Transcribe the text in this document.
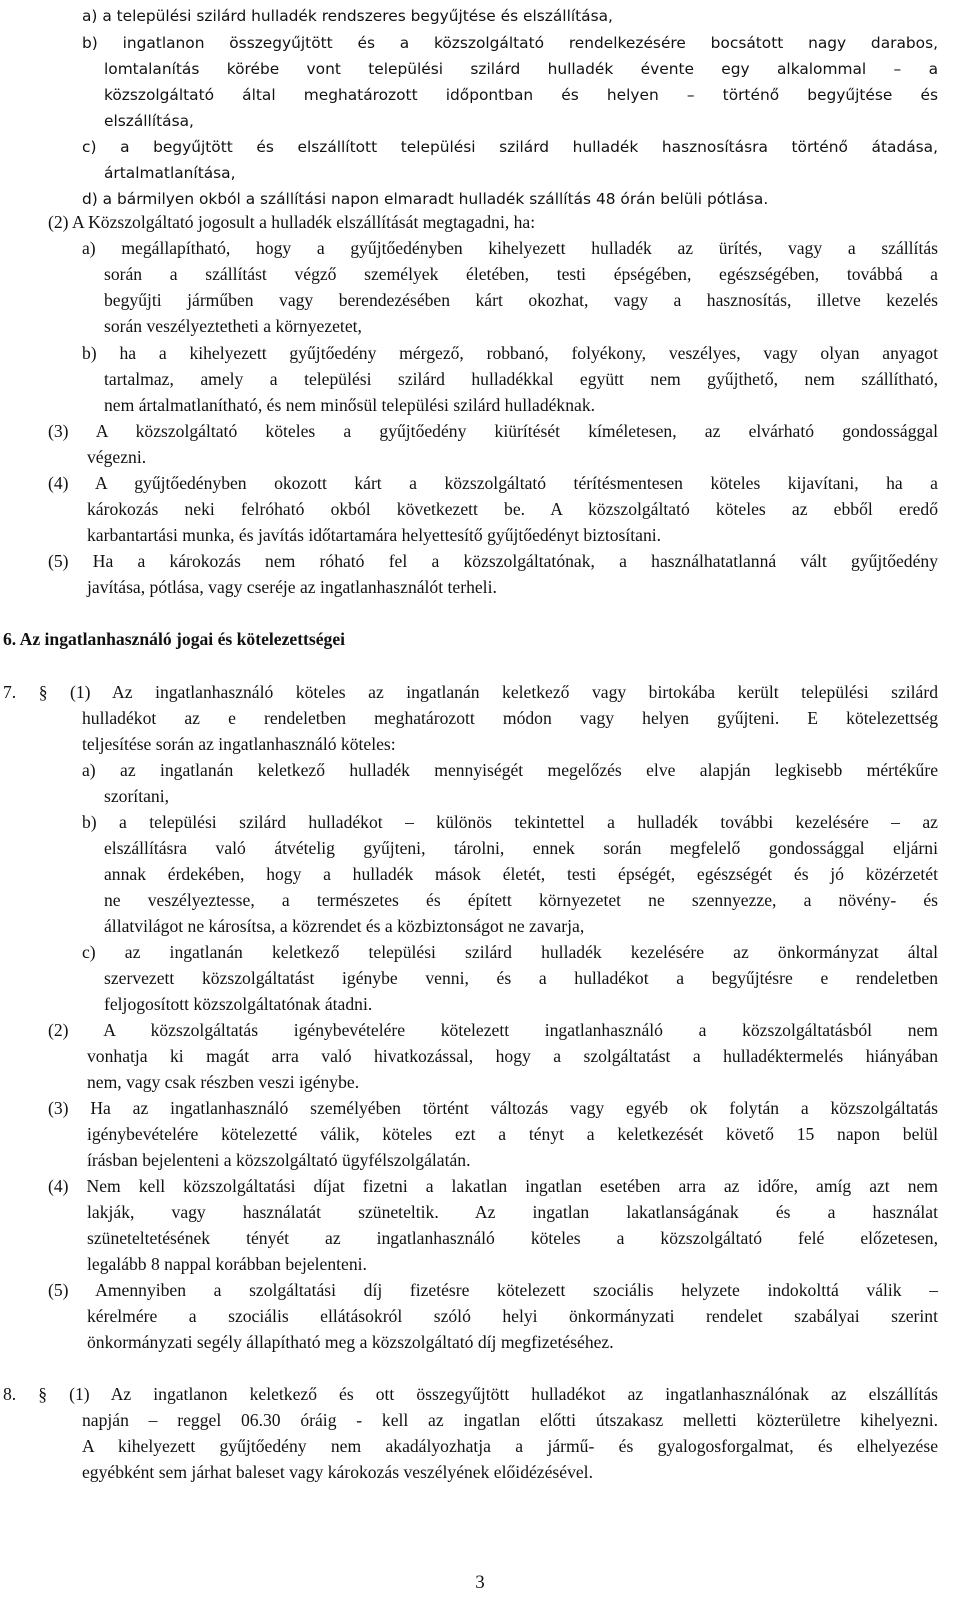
a) a települési szilárd hulladék rendszeres begyűjtése és elszállítása,
b) ingatlanon összegyűjtött és a közszolgáltató rendelkezésére bocsátott nagy darabos,
lomtalanítás körébe vont települési szilárd hulladék évente egy alkalommal – a
közszolgáltató által meghatározott időpontban és helyen – történő begyűjtése és
elszállítása,
c) a begyűjtött és elszállított települési szilárd hulladék hasznosításra történő átadása,
ártalmatlanítása,
d) a bármilyen okból a szállítási napon elmaradt hulladék szállítás 48 órán belüli pótlása.
(2) A Közszolgáltató jogosult a hulladék elszállítását megtagadni, ha:
a) megállapítható, hogy a gyűjtőedényben kihelyezett hulladék az ürítés, vagy a szállítás
során a szállítást végző személyek életében, testi épségében, egészségében, továbbá a
begyűjti járműben vagy berendezésében kárt okozhat, vagy a hasznosítás, illetve kezelés
során veszélyeztetheti a környezetet,
b) ha a kihelyezett gyűjtőedény mérgező, robbanó, folyékony, veszélyes, vagy olyan anyagot
tartalmaz, amely a települési szilárd hulladékkal együtt nem gyűjthető, nem szállítható,
nem ártalmatlanítható, és nem minősül települési szilárd hulladéknak.
(3) A közszolgáltató köteles a gyűjtőedény kiürítését kíméletesen, az elvárható gondossággal
végezni.
(4) A gyűjtőedényben okozott kárt a közszolgáltató térítésmentesen köteles kijavítani, ha a
károkozás neki felróható okból következett be. A közszolgáltató köteles az ebből eredő
karbantartási munka, és javítás időtartamára helyettesítő gyűjtőedényt biztosítani.
(5) Ha a károkozás nem róható fel a közszolgáltatónak, a használhatatlanná vált gyűjtőedény
javítása, pótlása, vagy cseréje az ingatlanhasználót terheli.
6. Az ingatlanhasználó jogai és kötelezettségei
7. § (1) Az ingatlanhasználó köteles az ingatlanán keletkező vagy birtokába került települési szilárd
hulladékot az e rendeletben meghatározott módon vagy helyen gyűjteni. E kötelezettség
teljesítése során az ingatlanhasználó köteles:
a) az ingatlanán keletkező hulladék mennyiségét megelőzés elve alapján legkisebb mértékűre
szorítani,
b) a települési szilárd hulladékot – különös tekintettel a hulladék további kezelésére – az
elszállításra való átvételig gyűjteni, tárolni, ennek során megfelelő gondossággal eljárni
annak érdekében, hogy a hulladék mások életét, testi épségét, egészségét és jó közérzetét
ne veszélyeztesse, a természetes és épített környezetet ne szennyezze, a növény- és
állatvilágot ne károsítsa, a közrendet és a közbiztonságot ne zavarja,
c) az ingatlanán keletkező települési szilárd hulladék kezelésére az önkormányzat által
szervezett közszolgáltatást igénybe venni, és a hulladékot a begyűjtésre e rendeletben
feljogosított közszolgáltatónak átadni.
(2) A közszolgáltatás igénybevételére kötelezett ingatlanhasználó a közszolgáltatásból nem
vonhatja ki magát arra való hivatkozással, hogy a szolgáltatást a hulladéktermelés hiányában
nem, vagy csak részben veszi igénybe.
(3) Ha az ingatlanhasználó személyében történt változás vagy egyéb ok folytán a közszolgáltatás
igénybevételére kötelezetté válik, köteles ezt a tényt a keletkezését követő 15 napon belül
írásban bejelenteni a közszolgáltató ügyfélszolgálatán.
(4) Nem kell közszolgáltatási díjat fizetni a lakatlan ingatlan esetében arra az időre, amíg azt nem
lakják, vagy használatát szüneteltik. Az ingatlan lakatlanságának és a használat
szüneteltetésének tényét az ingatlanhasználó köteles a közszolgáltató felé előzetesen,
legalább 8 nappal korábban bejelenteni.
(5) Amennyiben a szolgáltatási díj fizetésre kötelezett szociális helyzete indokolttá válik –
kérelmére a szociális ellátásokról szóló helyi önkormányzati rendelet szabályai szerint
önkormányzati segély állapítható meg a közszolgáltató díj megfizetéséhez.
8. § (1) Az ingatlanon keletkező és ott összegyűjtött hulladékot az ingatlanhasználónak az elszállítás
napján – reggel 06.30 óráig - kell az ingatlan előtti útszakasz melletti közterületre kihelyezni.
A kihelyezett gyűjtőedény nem akadályozhatja a jármű- és gyalogosforgalmat, és elhelyezése
egyébként sem járhat baleset vagy károkozás veszélyének előidézésével.
3
